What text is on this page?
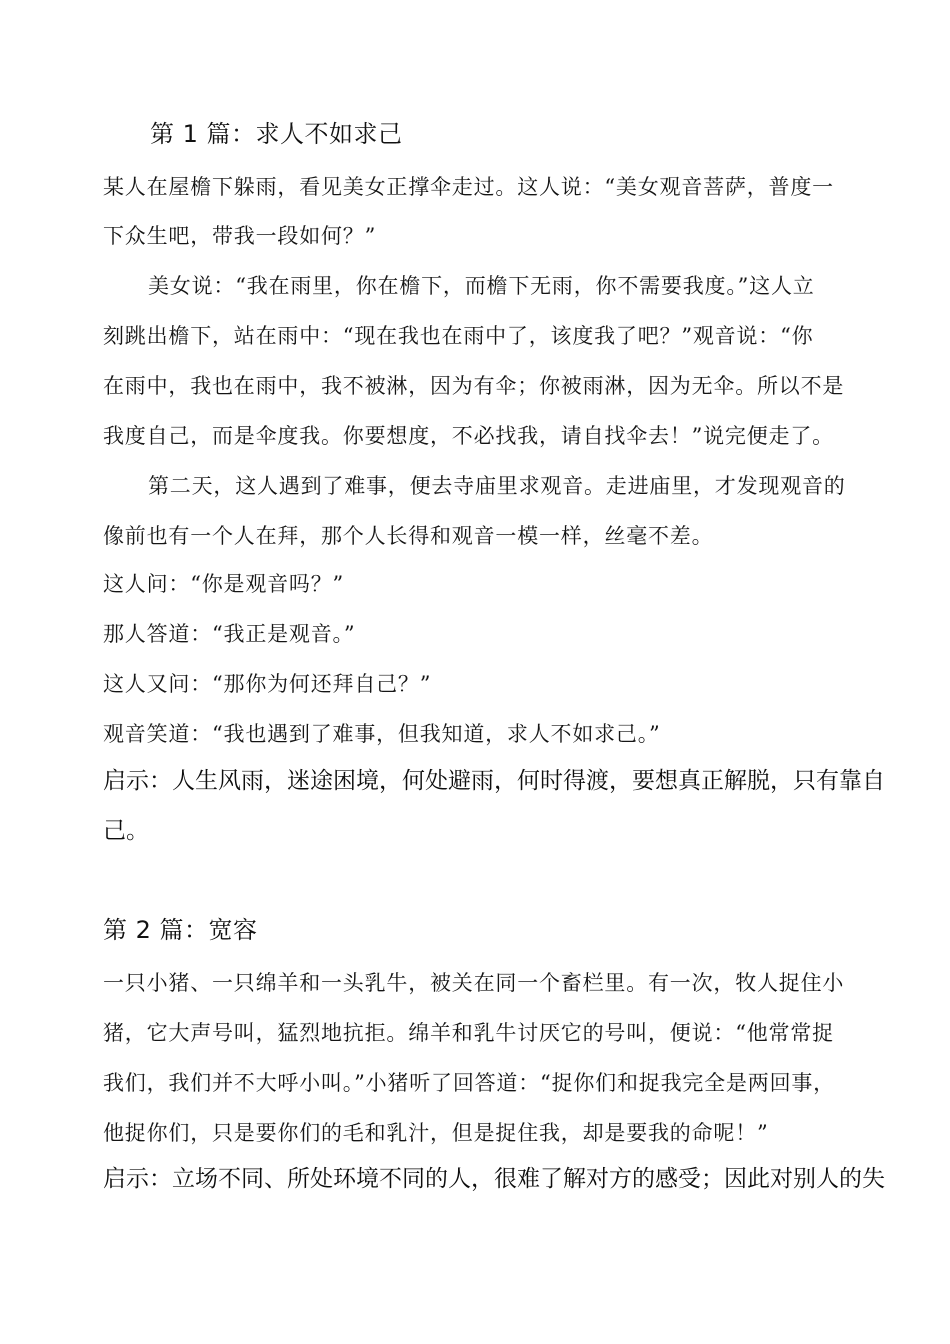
第 1 篇：求人不如求己
某人在屋檐下躲雨，看见美女正撑伞走过。这人说：“美女观音菩萨，普度一
下众生吧，带我一段如何？”
美女说：“我在雨里，你在檐下，而檐下无雨，你不需要我度。”这人立
刻跳出檐下，站在雨中：“现在我也在雨中了，该度我了吧？”观音说：“你
在雨中，我也在雨中，我不被淋，因为有伞；你被雨淋，因为无伞。所以不是
我度自己，而是伞度我。你要想度，不必找我，请自找伞去！”说完便走了。
第二天，这人遇到了难事，便去寺庙里求观音。走进庙里，才发现观音的
像前也有一个人在拜，那个人长得和观音一模一样，丝毫不差。
这人问：“你是观音吗？”
那人答道：“我正是观音。”
这人又问：“那你为何还拜自己？”
观音笑道：“我也遇到了难事，但我知道，求人不如求己。”
启示：人生风雨，迷途困境，何处避雨，何时得渡，要想真正解脱，只有靠自
己。
第 2 篇：宽容
一只小猪、一只绵羊和一头乳牛，被关在同一个畜栏里。有一次，牧人捉住小
猪，它大声号叫，猛烈地抗拒。绵羊和乳牛讨厌它的号叫，便说：“他常常捉
我们，我们并不大呼小叫。”小猪听了回答道：“捉你们和捉我完全是两回事，
他捉你们，只是要你们的毛和乳汁，但是捉住我，却是要我的命呢！”
启示：立场不同、所处环境不同的人，很难了解对方的感受；因此对别人的失
